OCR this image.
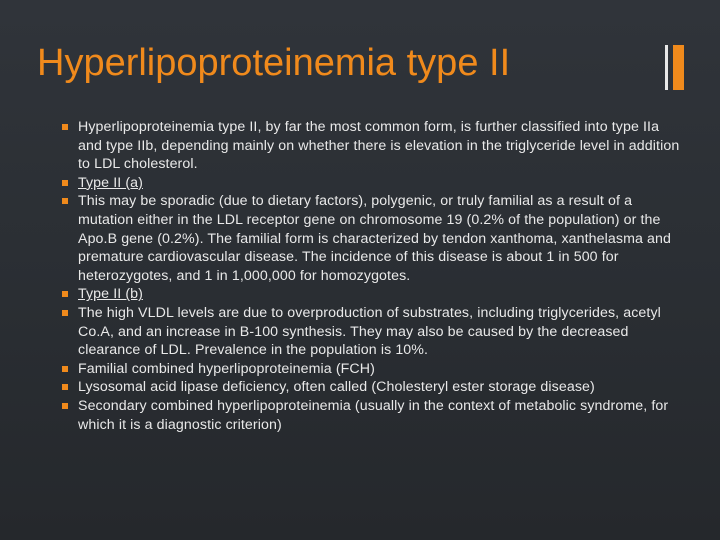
Hyperlipoproteinemia type II
Hyperlipoproteinemia type II, by far the most common form, is further classified into type IIa and type IIb, depending mainly on whether there is elevation in the triglyceride level in addition to LDL cholesterol.
Type II (a)
This may be sporadic (due to dietary factors), polygenic, or truly familial as a result of a mutation either in the LDL receptor gene on chromosome 19 (0.2% of the population) or the Apo.B gene (0.2%). The familial form is characterized by tendon xanthoma, xanthelasma and premature cardiovascular disease. The incidence of this disease is about 1 in 500 for heterozygotes, and 1 in 1,000,000 for homozygotes.
Type II (b)
The high VLDL levels are due to overproduction of substrates, including triglycerides, acetyl Co.A, and an increase in B-100 synthesis. They may also be caused by the decreased clearance of LDL. Prevalence in the population is 10%.
Familial combined hyperlipoproteinemia (FCH)
Lysosomal acid lipase deficiency, often called (Cholesteryl ester storage disease)
Secondary combined hyperlipoproteinemia (usually in the context of metabolic syndrome, for which it is a diagnostic criterion)
